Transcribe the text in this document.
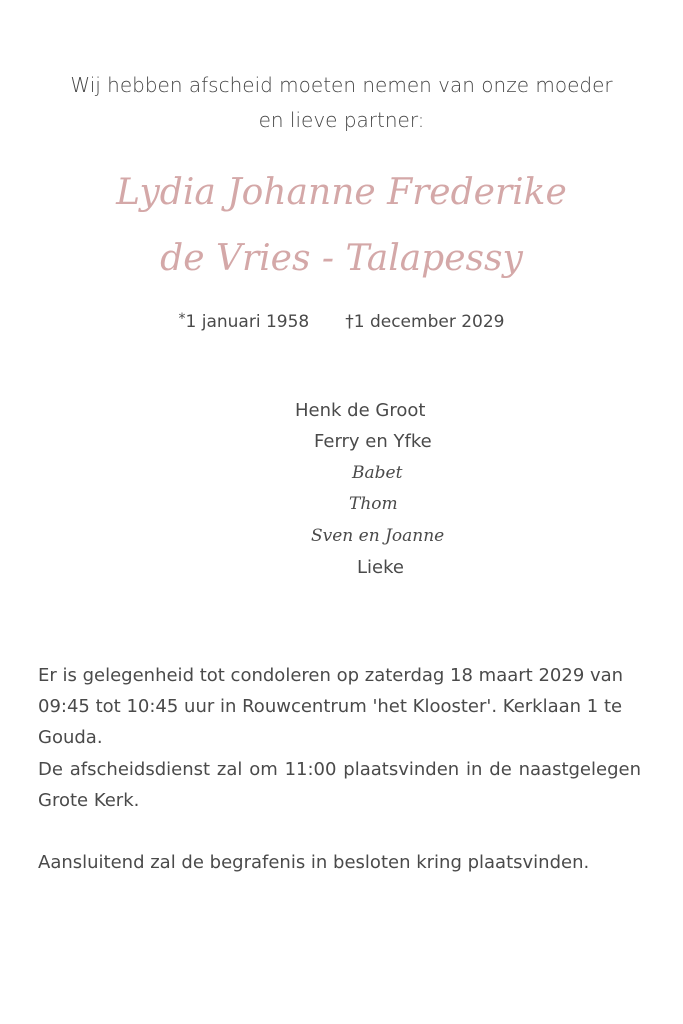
Wij hebben afscheid moeten nemen van onze moeder
en lieve partner:
Lydia Johanne Frederike
de Vries - Talapessy
*1 januari 1958 †1 december 2029
Henk de Groot
Ferry en Yfke
Babet
Thom
Sven en Joanne
Lieke

Er is gelegenheid tot condoleren op zaterdag 18 maart 2029 van 09:45 tot 10:45 uur in Rouwcentrum 'het Klooster'. Kerklaan 1 te Gouda.

De afscheidsdienst zal om 11:00 plaatsvinden in de naastgelegen Grote Kerk.

Aansluitend zal de begrafenis in besloten kring plaatsvinden.
